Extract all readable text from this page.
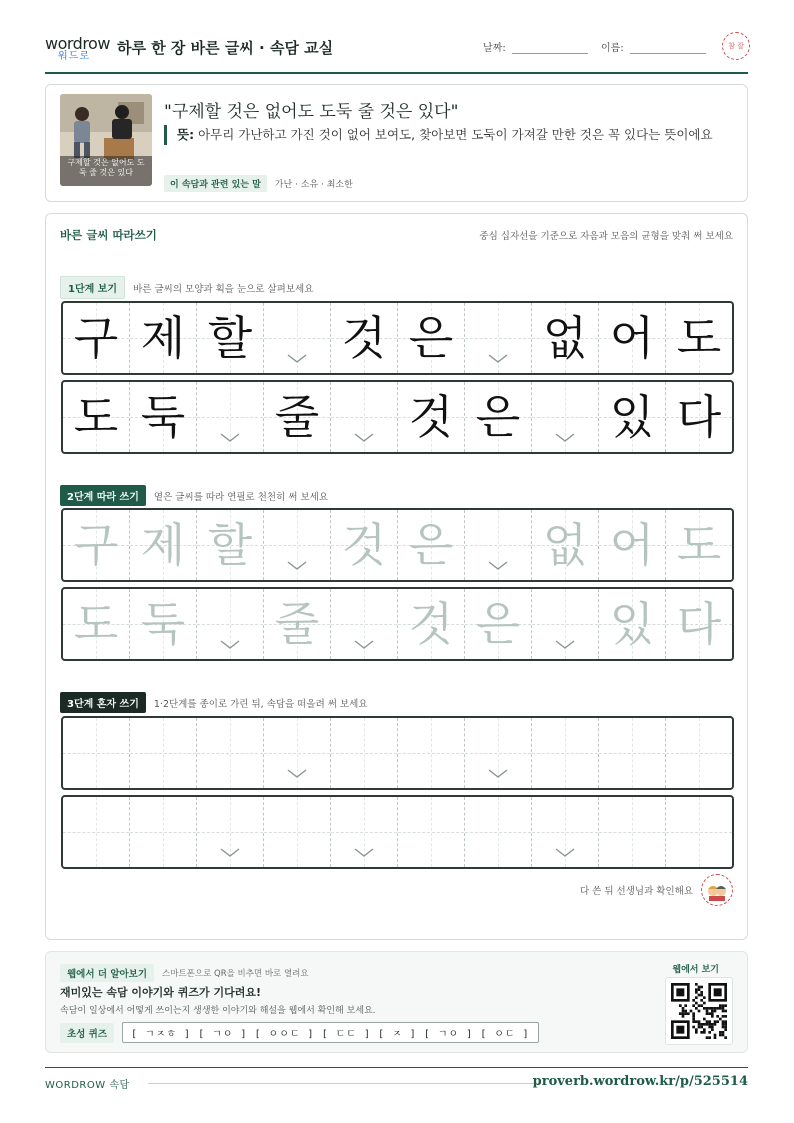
wordrow
워드로 하루 한 장 바른 글씨 · 속담 교실	날짜:	이름:	참 잘
구제할 것은 없어도 도둑 줄 것은 있다
"구제할 것은 없어도 도둑 줄 것은 있다"
뜻: 아무리 가난하고 가진 것이 없어 보여도, 찾아보면 도둑이 가져갈 만한 것은 꼭 있다는 뜻이에요
이 속담과 관련 있는 말	가난 · 소유 · 최소한
바른 글씨 따라쓰기	중심 십자선을 기준으로 자음과 모음의 균형을 맞춰 써 보세요
1단계 보기	바른 글씨의 모양과 획을 눈으로 살펴보세요
구 제 할 것 은 없 어 도
도 둑 줄 것 은 있 다
2단계 따라 쓰기	옅은 글씨를 따라 연필로 천천히 써 보세요
구 제 할 것 은 없 어 도
도 둑 줄 것 은 있 다
3단계 혼자 쓰기	1·2단계를 종이로 가린 뒤, 속담을 떠올려 써 보세요
다 쓴 뒤 선생님과 확인해요
웹에서 더 알아보기	스마트폰으로 QR을 비추면 바로 열려요
재미있는 속담 이야기와 퀴즈가 기다려요!
속담이 일상에서 어떻게 쓰이는지 생생한 이야기와 해설을 웹에서 확인해 보세요.
초성 퀴즈	[ ㄱㅈㅎ ] [ ㄱㅇ ] [ ㅇㅇㄷ ] [ ㄷㄷ ] [ ㅈ ] [ ㄱㅇ ] [ ㅇㄷ ]
웹에서 보기
WORDROW 속담	proverb.wordrow.kr/p/525514
